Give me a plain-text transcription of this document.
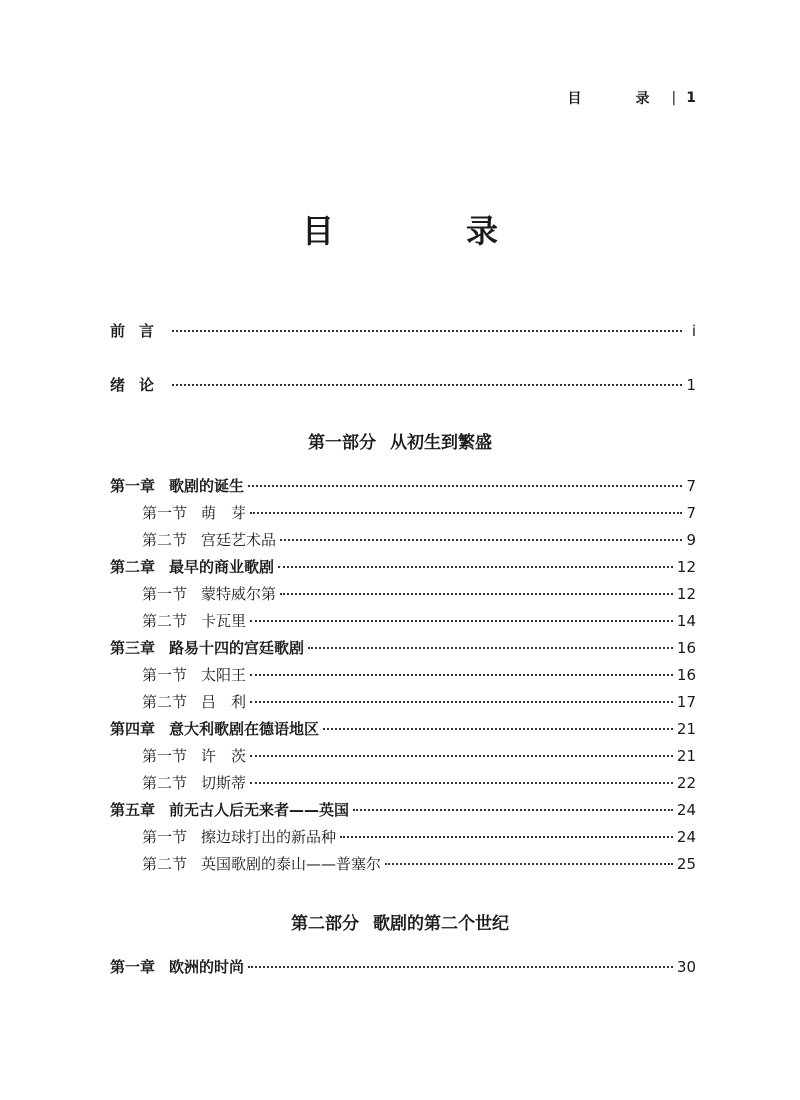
目　录 | 1
目　录
前言	i
绪论	1
第一部分 从初生到繁盛
第一章 歌剧的诞生	7
第一节 萌　芽	7
第二节 宫廷艺术品	9
第二章 最早的商业歌剧	12
第一节 蒙特威尔第	12
第二节 卡瓦里	14
第三章 路易十四的宫廷歌剧	16
第一节 太阳王	16
第二节 吕　利	17
第四章 意大利歌剧在德语地区	21
第一节 许　茨	21
第二节 切斯蒂	22
第五章 前无古人后无来者——英国	24
第一节 擦边球打出的新品种	24
第二节 英国歌剧的泰山——普塞尔	25
第二部分 歌剧的第二个世纪
第一章 欧洲的时尚	30
